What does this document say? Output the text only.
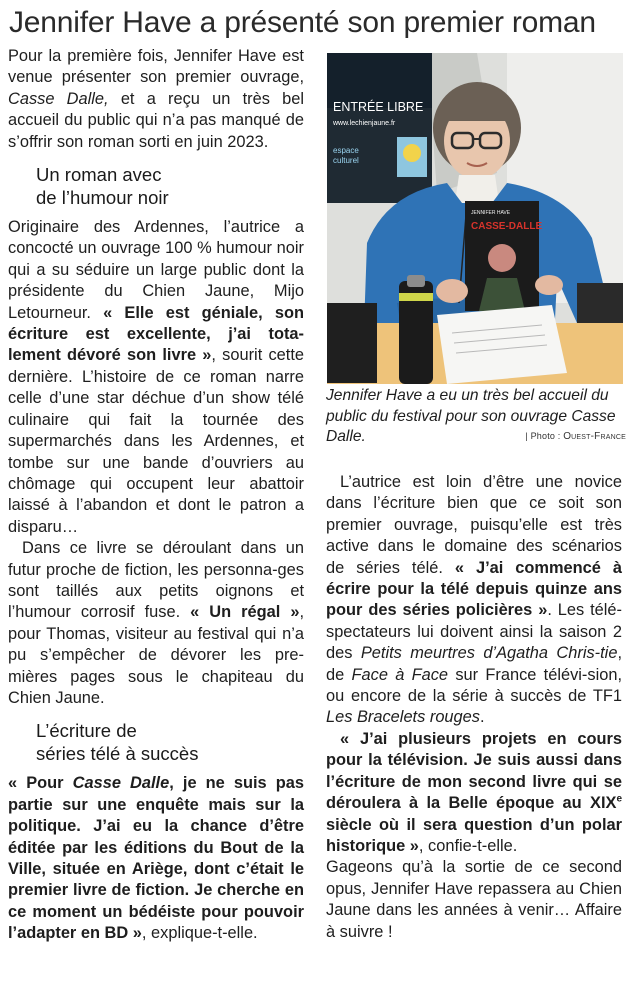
Jennifer Have a présenté son premier roman

Pour la première fois, Jennifer Have est venue présenter son premier ouvrage, Casse Dalle, et a reçu un très bel accueil du public qui n’a pas manqué de s’offrir son roman sorti en juin 2023.

Un roman avec
de l’humour noir

Originaire des Ardennes, l’autrice a concocté un ouvrage 100 % humour noir qui a su séduire un large public dont la présidente du Chien Jaune, Mijo Letourneur. « Elle est géniale, son écriture est excellente, j’ai tota-lement dévoré son livre », sourit cette dernière. L’histoire de ce roman narre celle d’une star déchue d’un show télé culinaire qui fait la tournée des supermarchés dans les Ardennes, et tombe sur une bande d’ouvriers au chômage qui occupent leur abattoir laissé à l’abandon et dont le patron a disparu…

Dans ce livre se déroulant dans un futur proche de fiction, les personna-ges sont taillés aux petits oignons et l’humour corrosif fuse. « Un régal », pour Thomas, visiteur au festival qui n’a pu s’empêcher de dévorer les pre-mières pages sous le chapiteau du Chien Jaune.

L’écriture de
séries télé à succès

« Pour Casse Dalle, je ne suis pas partie sur une enquête mais sur la politique. J’ai eu la chance d’être éditée par les éditions du Bout de la Ville, située en Ariège, dont c’était le premier livre de fiction. Je cherche en ce moment un bédéiste pour pouvoir l’adapter en BD », explique-t-elle.

ENTRÉE LIBRE
www.lechienjaune.fr
espace
culturel
JENNIFER HAVE
CASSE-DALLE
Jennifer Have a eu un très bel accueil du public du festival pour son ouvrage Casse Dalle.	| Photo : Ouest-France

L’autrice est loin d’être une novice dans l’écriture bien que ce soit son premier ouvrage, puisqu’elle est très active dans le domaine des scénarios de séries télé. « J’ai commencé à écrire pour la télé depuis quinze ans pour des séries policières ». Les télé-spectateurs lui doivent ainsi la saison 2 des Petits meurtres d’Agatha Chris-tie, de Face à Face sur France télévi-sion, ou encore de la série à succès de TF1 Les Bracelets rouges.

« J’ai plusieurs projets en cours pour la télévision. Je suis aussi dans l’écriture de mon second livre qui se déroulera à la Belle époque au XIXe siècle où il sera question d’un polar historique », confie-t-elle.

Gageons qu’à la sortie de ce second opus, Jennifer Have repassera au Chien Jaune dans les années à venir… Affaire à suivre !
